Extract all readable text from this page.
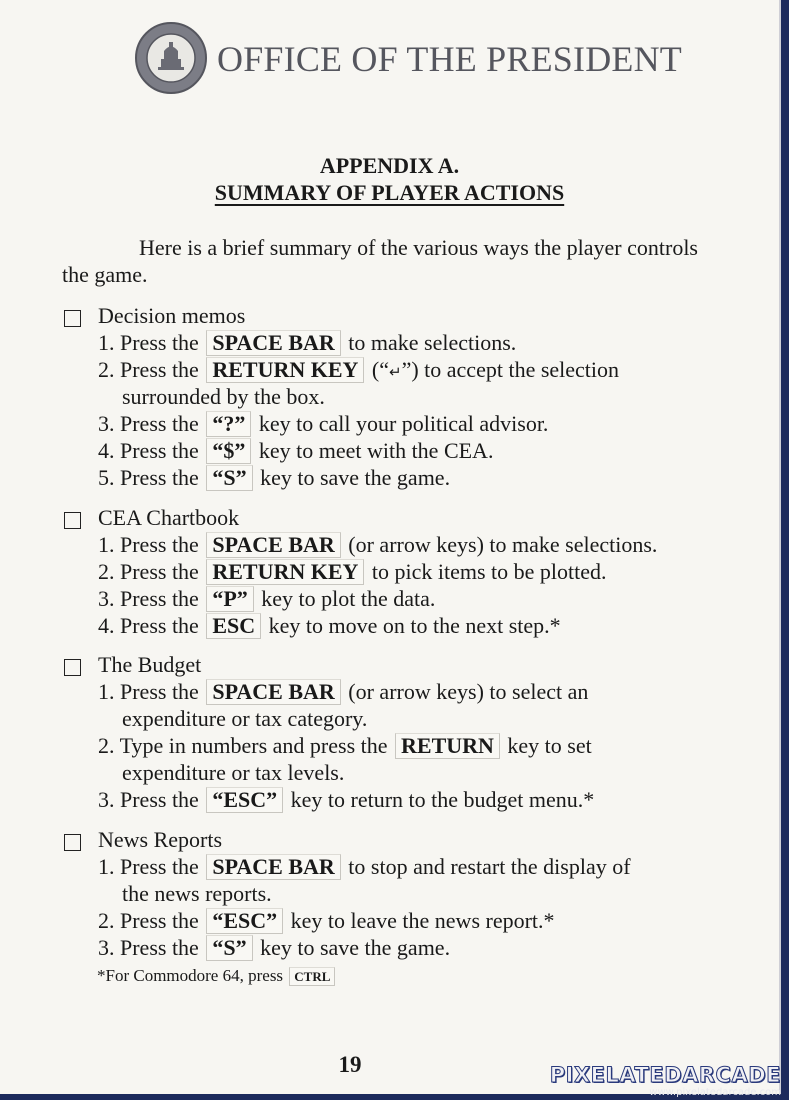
OFFICE OF THE PRESIDENT
APPENDIX A.
SUMMARY OF PLAYER ACTIONS
Here is a brief summary of the various ways the player controls the game.
Decision memos
1. Press the SPACE BAR to make selections.
2. Press the RETURN KEY (“↵”) to accept the selection
surrounded by the box.
3. Press the “?” key to call your political advisor.
4. Press the “$” key to meet with the CEA.
5. Press the “S” key to save the game.
CEA Chartbook
1. Press the SPACE BAR (or arrow keys) to make selections.
2. Press the RETURN KEY to pick items to be plotted.
3. Press the “P” key to plot the data.
4. Press the ESC key to move on to the next step.*
The Budget
1. Press the SPACE BAR (or arrow keys) to select an
expenditure or tax category.
2. Type in numbers and press the RETURN key to set
expenditure or tax levels.
3. Press the “ESC” key to return to the budget menu.*
News Reports
1. Press the SPACE BAR to stop and restart the display of
the news reports.
2. Press the “ESC” key to leave the news report.*
3. Press the “S” key to save the game.
*For Commodore 64, press CTRL
19	PIXELATEDARCADE
www.pixelatedarcade.com
